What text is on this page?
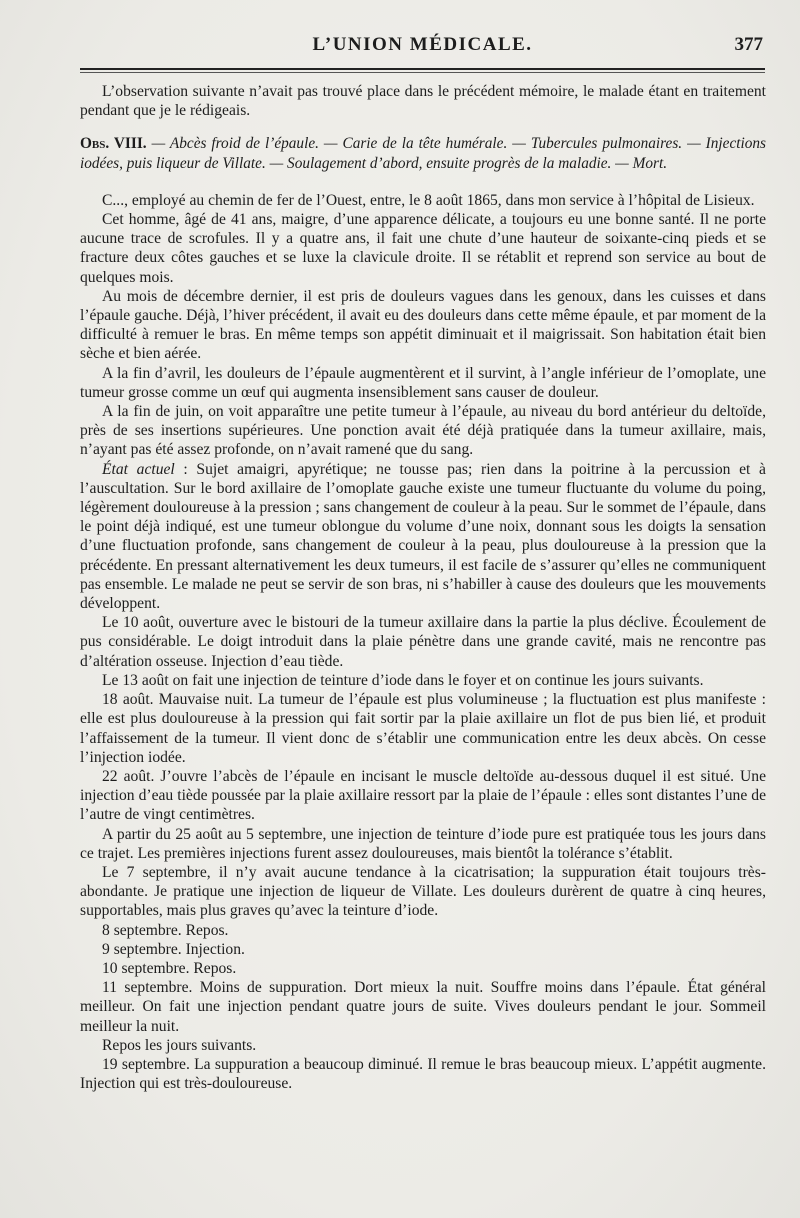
L’UNION MÉDICALE.	377

L’observation suivante n’avait pas trouvé place dans le précédent mémoire, le malade étant en traitement pendant que je le rédigeais.

Obs. VIII. — Abcès froid de l’épaule. — Carie de la tête humérale. — Tubercules pulmonaires. — Injections iodées, puis liqueur de Villate. — Soulagement d’abord, ensuite progrès de la maladie. — Mort.

C..., employé au chemin de fer de l’Ouest, entre, le 8 août 1865, dans mon service à l’hôpital de Lisieux.

Cet homme, âgé de 41 ans, maigre, d’une apparence délicate, a toujours eu une bonne santé. Il ne porte aucune trace de scrofules. Il y a quatre ans, il fait une chute d’une hauteur de soixante-cinq pieds et se fracture deux côtes gauches et se luxe la clavicule droite. Il se rétablit et reprend son service au bout de quelques mois.

Au mois de décembre dernier, il est pris de douleurs vagues dans les genoux, dans les cuisses et dans l’épaule gauche. Déjà, l’hiver précédent, il avait eu des douleurs dans cette même épaule, et par moment de la difficulté à remuer le bras. En même temps son appétit diminuait et il maigrissait. Son habitation était bien sèche et bien aérée.

A la fin d’avril, les douleurs de l’épaule augmentèrent et il survint, à l’angle inférieur de l’omoplate, une tumeur grosse comme un œuf qui augmenta insensiblement sans causer de douleur.

A la fin de juin, on voit apparaître une petite tumeur à l’épaule, au niveau du bord antérieur du deltoïde, près de ses insertions supérieures. Une ponction avait été déjà pratiquée dans la tumeur axillaire, mais, n’ayant pas été assez profonde, on n’avait ramené que du sang.

État actuel : Sujet amaigri, apyrétique; ne tousse pas; rien dans la poitrine à la percussion et à l’auscultation. Sur le bord axillaire de l’omoplate gauche existe une tumeur fluctuante du volume du poing, légèrement douloureuse à la pression ; sans changement de couleur à la peau. Sur le sommet de l’épaule, dans le point déjà indiqué, est une tumeur oblongue du volume d’une noix, donnant sous les doigts la sensation d’une fluctuation profonde, sans changement de couleur à la peau, plus douloureuse à la pression que la précédente. En pressant alternativement les deux tumeurs, il est facile de s’assurer qu’elles ne communiquent pas ensemble. Le malade ne peut se servir de son bras, ni s’habiller à cause des douleurs que les mouvements développent.

Le 10 août, ouverture avec le bistouri de la tumeur axillaire dans la partie la plus déclive. Écoulement de pus considérable. Le doigt introduit dans la plaie pénètre dans une grande cavité, mais ne rencontre pas d’altération osseuse. Injection d’eau tiède.

Le 13 août on fait une injection de teinture d’iode dans le foyer et on continue les jours suivants.

18 août. Mauvaise nuit. La tumeur de l’épaule est plus volumineuse ; la fluctuation est plus manifeste : elle est plus douloureuse à la pression qui fait sortir par la plaie axillaire un flot de pus bien lié, et produit l’affaissement de la tumeur. Il vient donc de s’établir une communication entre les deux abcès. On cesse l’injection iodée.

22 août. J’ouvre l’abcès de l’épaule en incisant le muscle deltoïde au-dessous duquel il est situé. Une injection d’eau tiède poussée par la plaie axillaire ressort par la plaie de l’épaule : elles sont distantes l’une de l’autre de vingt centimètres.

A partir du 25 août au 5 septembre, une injection de teinture d’iode pure est pratiquée tous les jours dans ce trajet. Les premières injections furent assez douloureuses, mais bientôt la tolérance s’établit.

Le 7 septembre, il n’y avait aucune tendance à la cicatrisation; la suppuration était toujours très-abondante. Je pratique une injection de liqueur de Villate. Les douleurs durèrent de quatre à cinq heures, supportables, mais plus graves qu’avec la teinture d’iode.

8 septembre. Repos.

9 septembre. Injection.

10 septembre. Repos.

11 septembre. Moins de suppuration. Dort mieux la nuit. Souffre moins dans l’épaule. État général meilleur. On fait une injection pendant quatre jours de suite. Vives douleurs pendant le jour. Sommeil meilleur la nuit.

Repos les jours suivants.

19 septembre. La suppuration a beaucoup diminué. Il remue le bras beaucoup mieux. L’appétit augmente. Injection qui est très-douloureuse.
